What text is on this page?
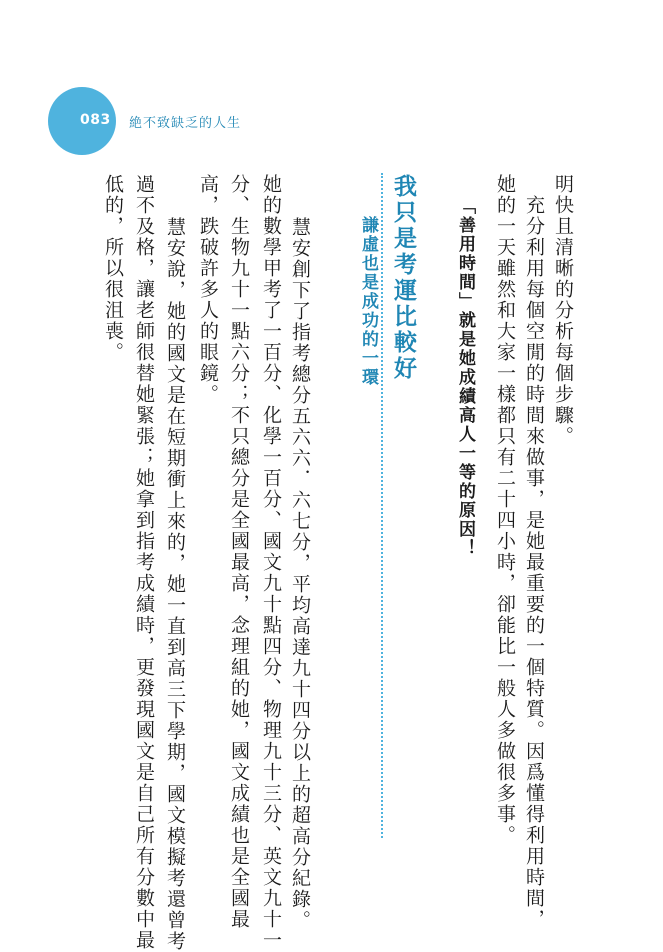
083 絶不致缺乏的人生
明快且清晰的分析每個步驟。
　充分利用每個空閒的時間來做事，是她最重要的一個特質。因爲懂得利用時間，
她的一天雖然和大家一樣都只有二十四小時，卻能比一般人多做很多事。
「善用時間」就是她成績高人一等的原因！
我只是考運比較好
謙虛也是成功的一環
　慧安創下了指考總分五六六．六七分，平均高達九十四分以上的超高分紀錄。
她的數學甲考了一百分、化學一百分、國文九十點四分、物理九十三分、英文九十一
分、生物九十一點六分；不只總分是全國最高，念理組的她，國文成績也是全國最
高，跌破許多人的眼鏡。
　慧安說，她的國文是在短期衝上來的，她一直到高三下學期，國文模擬考還曾考
過不及格，讓老師很替她緊張；她拿到指考成績時，更發現國文是自己所有分數中最
低的，所以很沮喪。
